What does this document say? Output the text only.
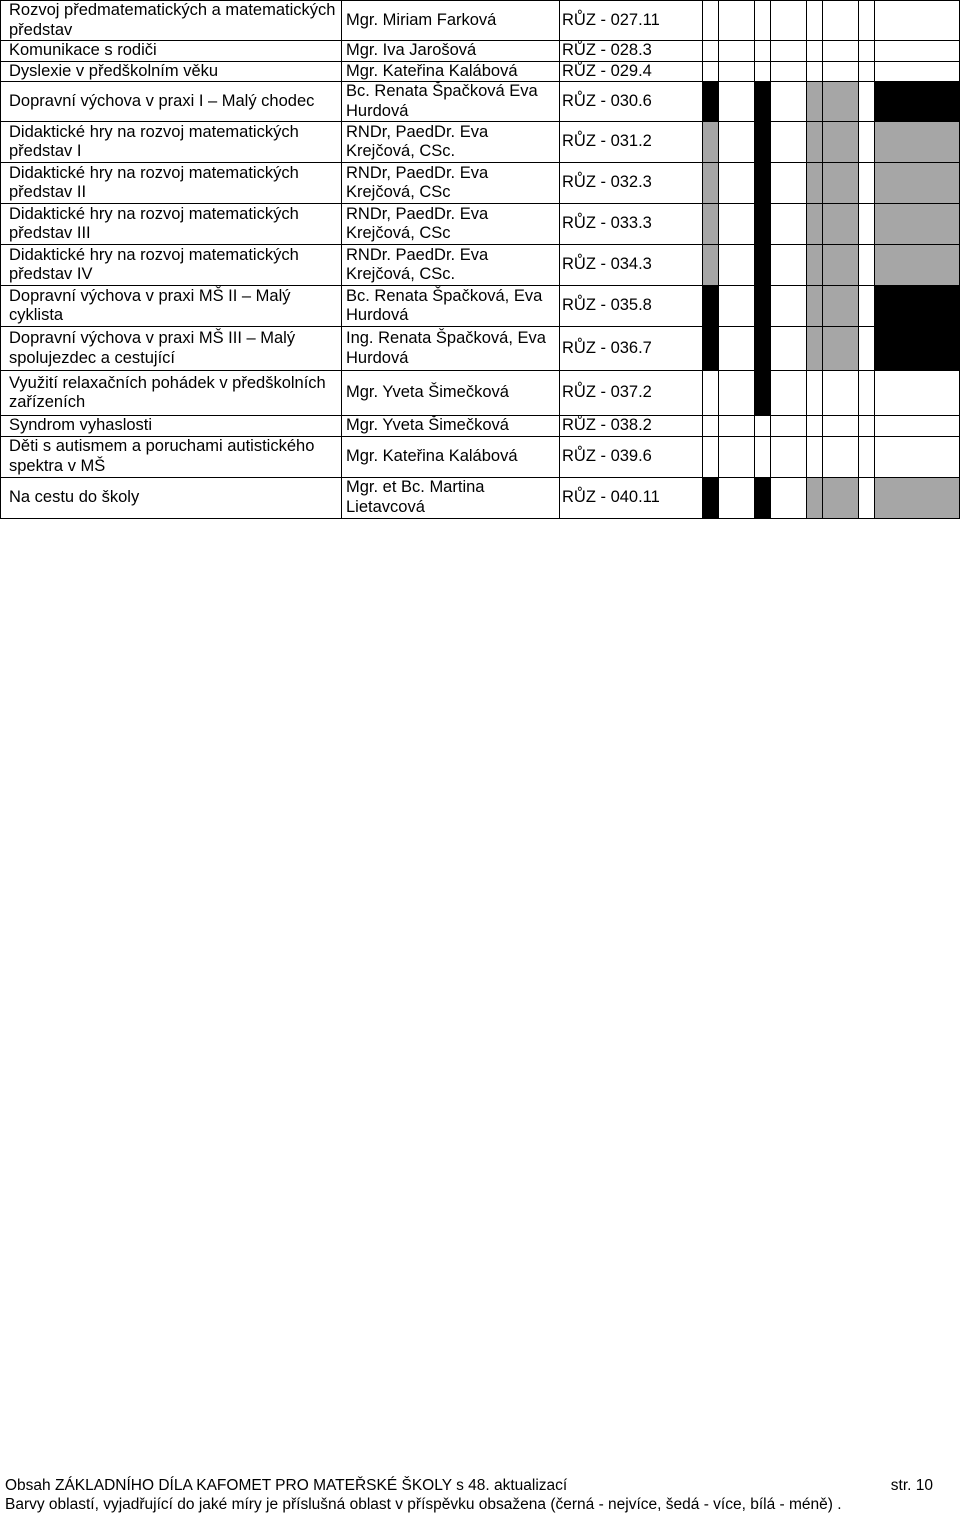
Rozvoj předmatematických a matematických představ	Mgr. Miriam Farková	RŮZ - 027.11								
Komunikace s rodiči	Mgr. Iva Jarošová	RŮZ - 028.3								
Dyslexie v předškolním věku	Mgr. Kateřina Kalábová	RŮZ - 029.4								
Dopravní výchova v praxi I – Malý chodec	Bc. Renata Špačková Eva Hurdová	RŮZ - 030.6								
Didaktické hry na rozvoj matematických představ I	RNDr, PaedDr. Eva Krejčová, CSc.	RŮZ - 031.2								
Didaktické hry na rozvoj matematických představ II	RNDr, PaedDr. Eva Krejčová, CSc	RŮZ - 032.3								
Didaktické hry na rozvoj matematických představ III	RNDr, PaedDr. Eva Krejčová, CSc	RŮZ - 033.3								
Didaktické hry na rozvoj matematických představ IV	RNDr. PaedDr. Eva Krejčová, CSc.	RŮZ - 034.3								
Dopravní výchova v praxi MŠ II – Malý cyklista	Bc. Renata Špačková, Eva Hurdová	RŮZ - 035.8								
Dopravní výchova v praxi MŠ III – Malý spolujezdec a cestující	Ing. Renata Špačková, Eva Hurdová	RŮZ - 036.7								
Využití relaxačních pohádek v předškolních zařízeních	Mgr. Yveta Šimečková	RŮZ - 037.2								
Syndrom vyhaslosti	Mgr. Yveta Šimečková	RŮZ - 038.2								
Děti s autismem a poruchami autistického spektra v MŠ	Mgr. Kateřina Kalábová	RŮZ - 039.6								
Na cestu do školy	Mgr. et Bc. Martina Lietavcová	RŮZ - 040.11								
Obsah ZÁKLADNÍHO DÍLA KAFOMET PRO MATEŘSKÉ ŠKOLY s 48. aktualizací	str. 10
Barvy oblastí, vyjadřující do jaké míry je příslušná oblast v příspěvku obsažena (černá - nejvíce, šedá - více, bílá - méně) .
